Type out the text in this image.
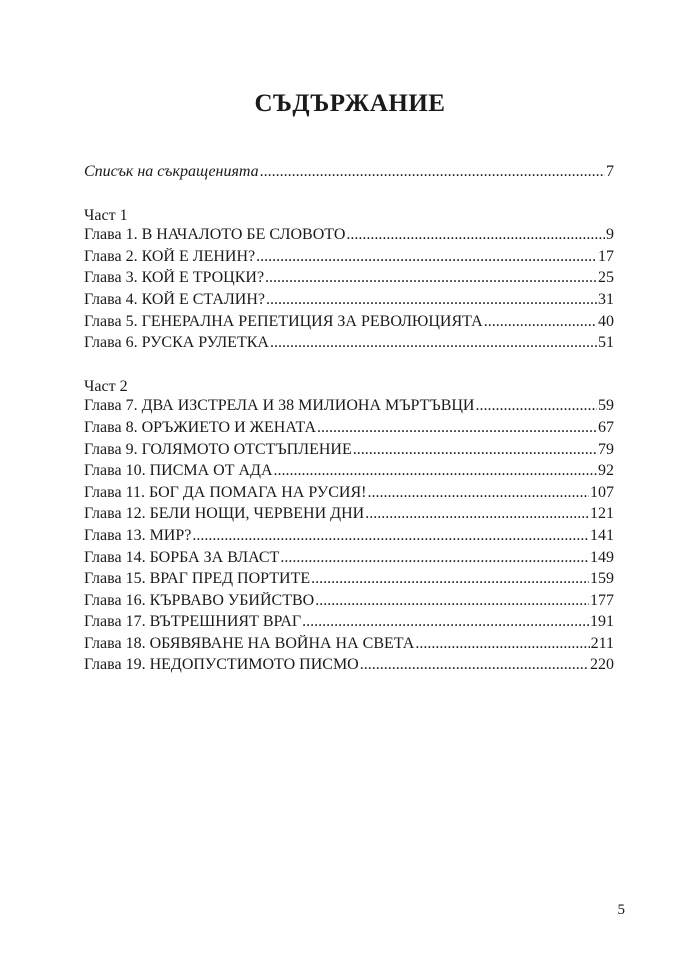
СЪДЪРЖАНИЕ
Списък на съкращенията .....	7
Част 1
Глава 1. В НАЧАЛОТО БЕ СЛОВОТО .....	9
Глава 2. КОЙ Е ЛЕНИН? .....	17
Глава 3. КОЙ Е ТРОЦКИ? .....	25
Глава 4. КОЙ Е СТАЛИН? .....	31
Глава 5. ГЕНЕРАЛНА РЕПЕТИЦИЯ ЗА РЕВОЛЮЦИЯТА .....	40
Глава 6. РУСКА РУЛЕТКА .....	51
Част 2
Глава 7. ДВА ИЗСТРЕЛА И 38 МИЛИОНА МЪРТЪВЦИ .....	59
Глава 8. ОРЪЖИЕТО И ЖЕНАТА .....	67
Глава 9. ГОЛЯМОТО ОТСТЪПЛЕНИЕ .....	79
Глава 10. ПИСМА ОТ АДА .....	92
Глава 11. БОГ ДА ПОМАГА НА РУСИЯ! .....	107
Глава 12. БЕЛИ НОЩИ, ЧЕРВЕНИ ДНИ .....	121
Глава 13. МИР? .....	141
Глава 14. БОРБА ЗА ВЛАСТ .....	149
Глава 15. ВРАГ ПРЕД ПОРТИТЕ .....	159
Глава 16. КЪРВАВО УБИЙСТВО .....	177
Глава 17. ВЪТРЕШНИЯТ ВРАГ .....	191
Глава 18. ОБЯВЯВАНЕ НА ВОЙНА НА СВЕТА .....	211
Глава 19. НЕДОПУСТИМОТО ПИСМО .....	220
5
